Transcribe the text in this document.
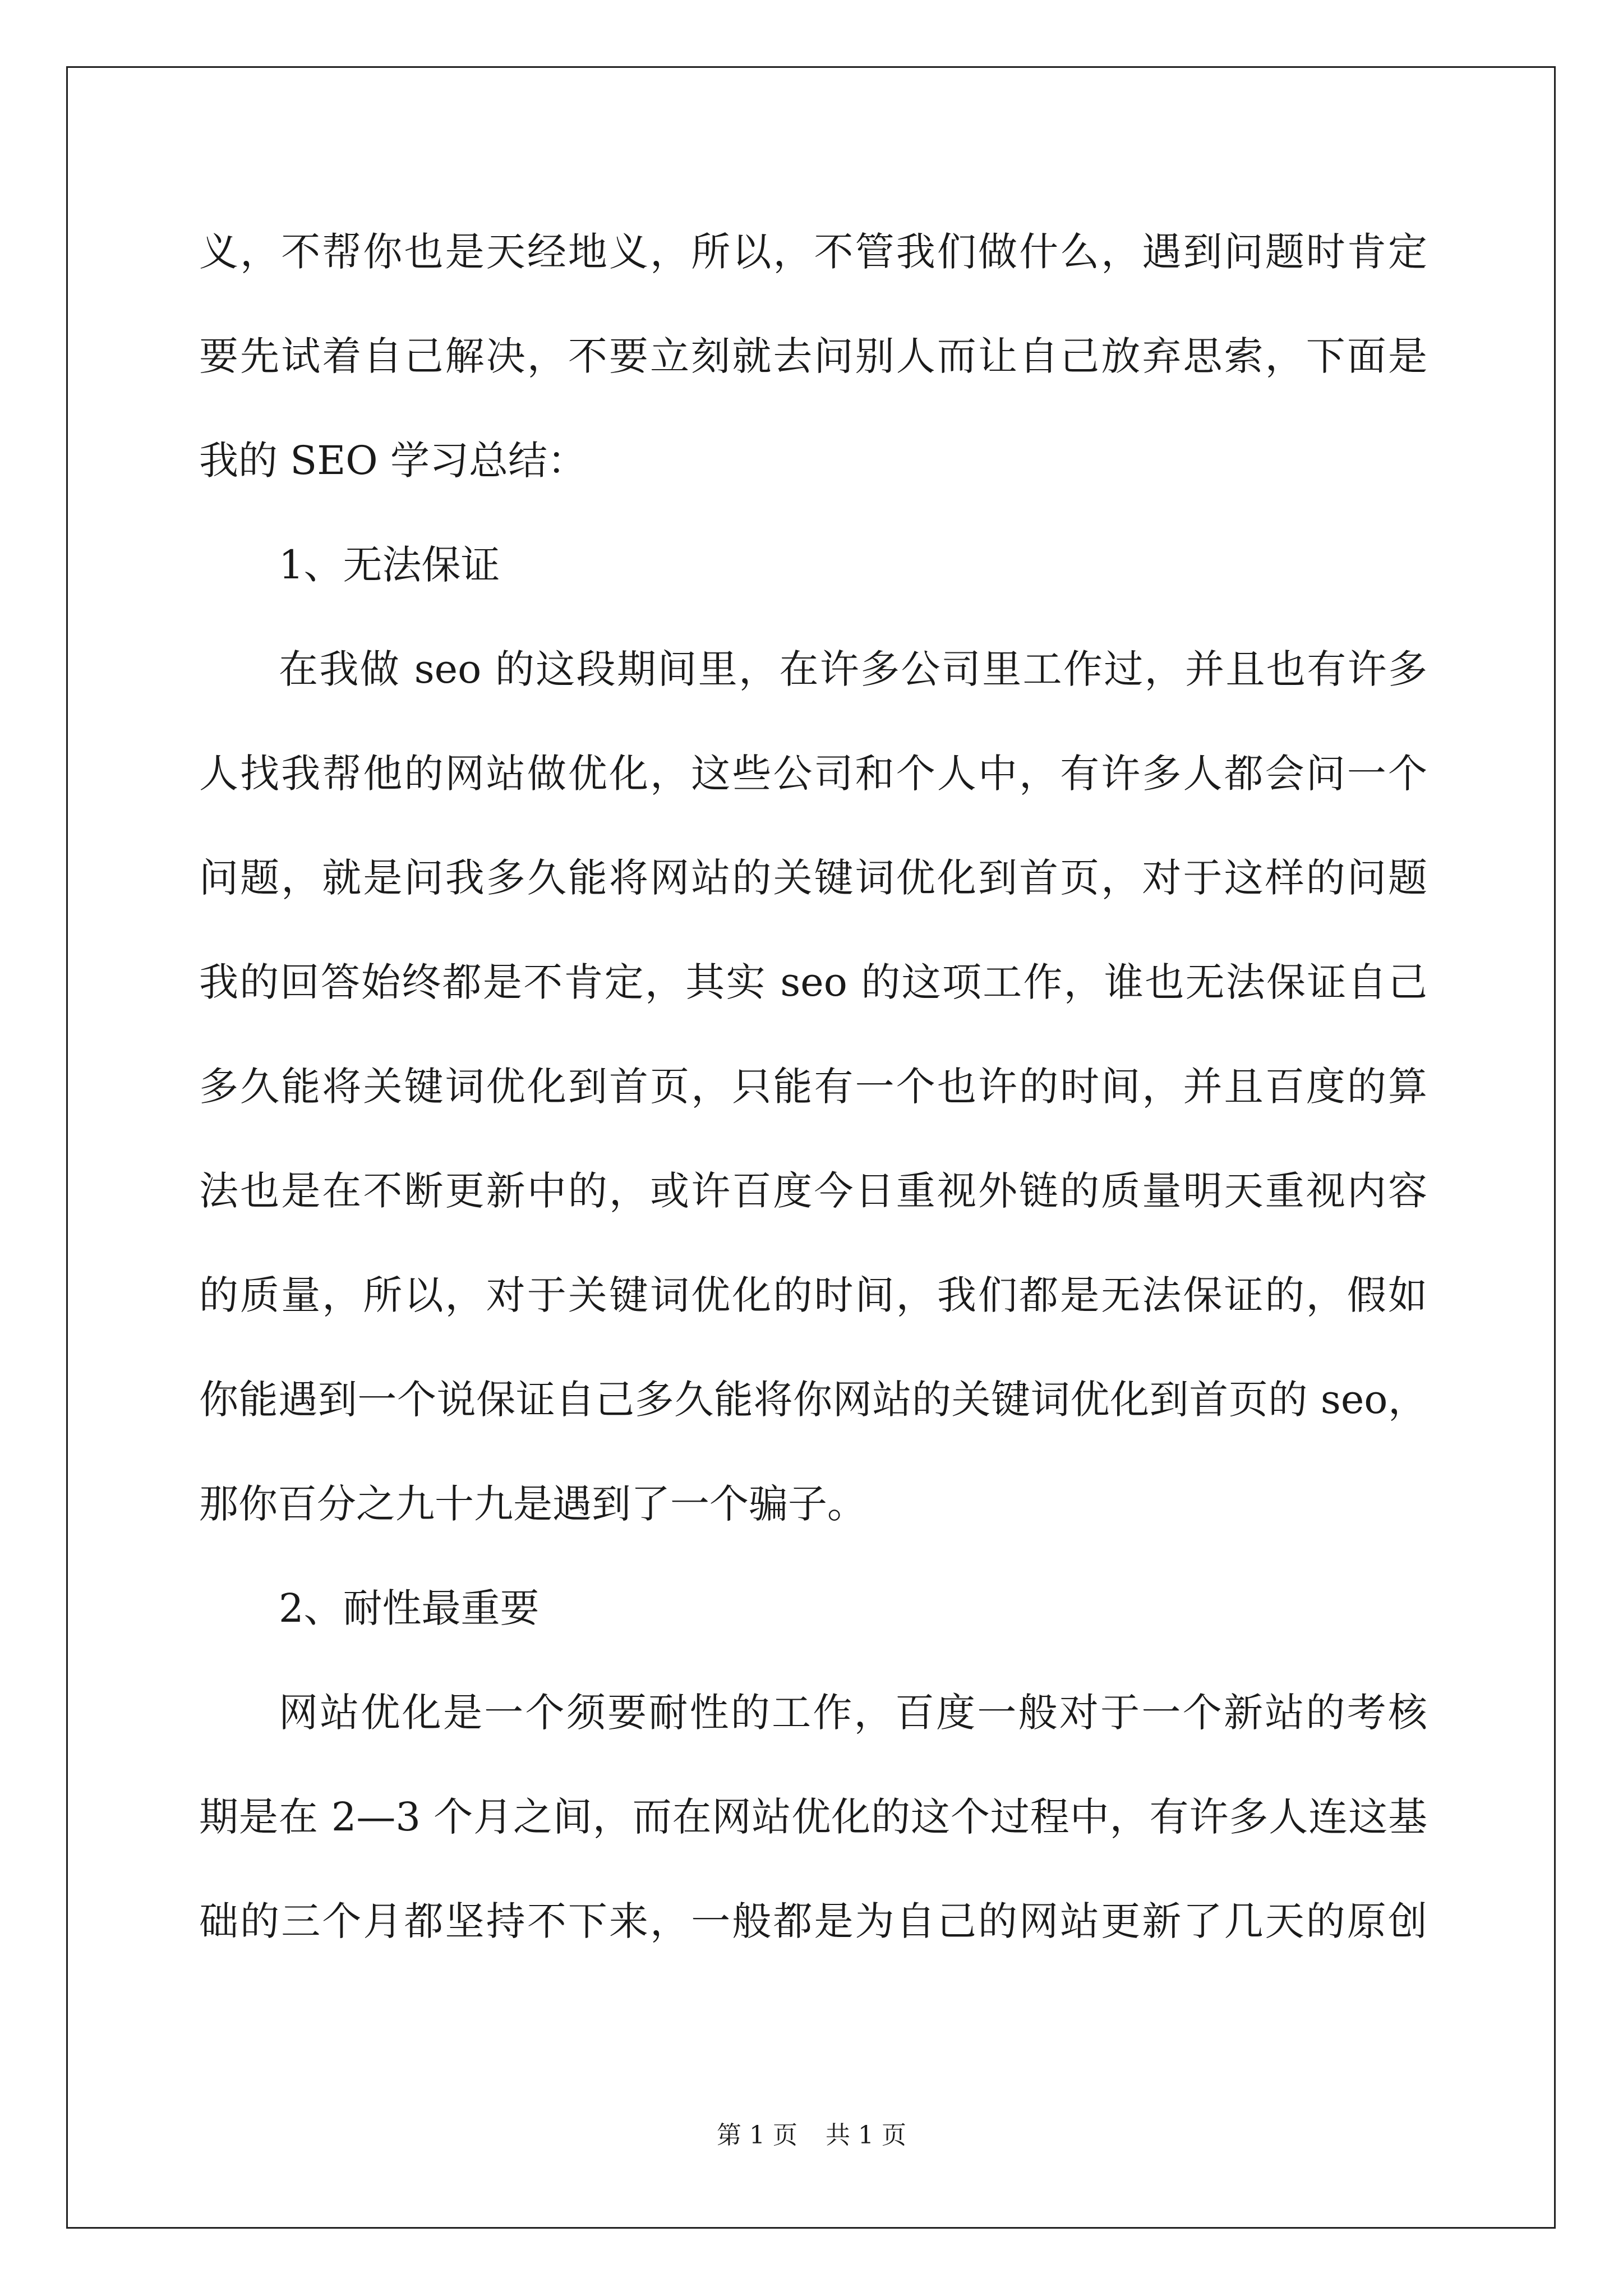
义，不帮你也是天经地义，所以，不管我们做什么，遇到问题时肯定
要先试着自己解决，不要立刻就去问别人而让自己放弃思索，下面是
我的 SEO 学习总结：
1、无法保证
在我做 seo 的这段期间里，在许多公司里工作过，并且也有许多
人找我帮他的网站做优化，这些公司和个人中，有许多人都会问一个
问题，就是问我多久能将网站的关键词优化到首页，对于这样的问题
我的回答始终都是不肯定，其实 seo 的这项工作，谁也无法保证自己
多久能将关键词优化到首页，只能有一个也许的时间，并且百度的算
法也是在不断更新中的，或许百度今日重视外链的质量明天重视内容
的质量，所以，对于关键词优化的时间，我们都是无法保证的，假如
你能遇到一个说保证自己多久能将你网站的关键词优化到首页的 seo，
那你百分之九十九是遇到了一个骗子。
2、耐性最重要
网站优化是一个须要耐性的工作，百度一般对于一个新站的考核
期是在 2—3 个月之间，而在网站优化的这个过程中，有许多人连这基
础的三个月都坚持不下来，一般都是为自己的网站更新了几天的原创
第 1 页 共 1 页
